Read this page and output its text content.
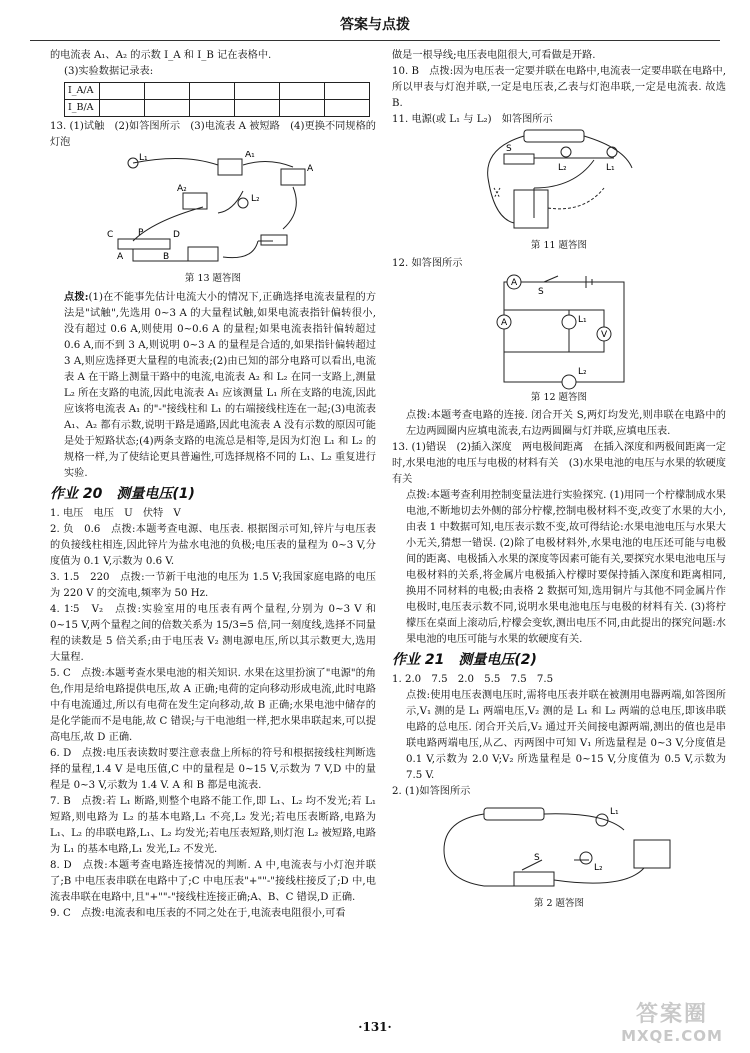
答案与点拨

的电流表 A₁、A₂ 的示数 I_A 和 I_B 记在表格中.

(3)实验数据记录表:

I_A/A						
I_B/A						

13. (1)试触　(2)如答图所示　(3)电流表 A 被短路　(4)更换不同规格的灯泡

L₁	A₁
A₂
A
L₂
C	P	D
A	B

第 13 题答图

点拨:(1)在不能事先估计电流大小的情况下,正确选择电流表量程的方法是"试触",先选用 0~3 A 的大量程试触,如果电流表指针偏转很小,没有超过 0.6 A,则使用 0~0.6 A 的量程;如果电流表指针偏转超过 0.6 A,而不到 3 A,则说明 0~3 A 的量程是合适的,如果指针偏转超过 3 A,则应选择更大量程的电流表;(2)由已知的部分电路可以看出,电流表 A 在干路上测量干路中的电流,电流表 A₂ 和 L₂ 在同一支路上,测量 L₂ 所在支路的电流,因此电流表 A₁ 应该测量 L₁ 所在支路的电流,因此应该将电流表 A₁ 的"-"接线柱和 L₁ 的右端接线柱连在一起;(3)电流表 A₁、A₂ 都有示数,说明干路是通路,因此电流表 A 没有示数的原因可能是处于短路状态;(4)两条支路的电流总是相等,是因为灯泡 L₁ 和 L₂ 的规格一样,为了使结论更具普遍性,可选择规格不同的 L₁、L₂ 重复进行实验.

作业 20　测量电压(1)

1. 电压　电压　U　伏特　V

2. 负　0.6　点拨:本题考查电源、电压表. 根据图示可知,锌片与电压表的负接线柱相连,因此锌片为盐水电池的负极;电压表的量程为 0~3 V,分度值为 0.1 V,示数为 0.6 V.

3. 1.5　220　点拨:一节新干电池的电压为 1.5 V;我国家庭电路的电压为 220 V 的交流电,频率为 50 Hz.

4. 1∶5　V₂　点拨:实验室用的电压表有两个量程,分别为 0~3 V 和 0~15 V,两个量程之间的倍数关系为 15/3=5 倍,同一刻度线,选择不同量程的读数是 5 倍关系;由于电压表 V₂ 测电源电压,所以其示数更大,选用大量程.

5. C　点拨:本题考查水果电池的相关知识. 水果在这里扮演了"电源"的角色,作用是给电路提供电压,故 A 正确;电荷的定向移动形成电流,此时电路中有电流通过,所以有电荷在发生定向移动,故 B 正确;水果电池中储存的是化学能而不是电能,故 C 错误;与干电池组一样,把水果串联起来,可以提高电压,故 D 正确.

6. D　点拨:电压表读数时要注意表盘上所标的符号和根据接线柱判断选择的量程,1.4 V 是电压值,C 中的量程是 0~15 V,示数为 7 V,D 中的量程是 0~3 V,示数为 1.4 V. A 和 B 都是电流表.

7. B　点拨:若 L₁ 断路,则整个电路不能工作,即 L₁、L₂ 均不发光;若 L₁ 短路,则电路为 L₂ 的基本电路,L₁ 不亮,L₂ 发光;若电压表断路,电路为 L₁、L₂ 的串联电路,L₁、L₂ 均发光;若电压表短路,则灯泡 L₂ 被短路,电路为 L₁ 的基本电路,L₁ 发光,L₂ 不发光.

8. D　点拨:本题考查电路连接情况的判断. A 中,电流表与小灯泡并联了;B 中电压表串联在电路中了;C 中电压表"+""-"接线柱接反了;D 中,电流表串联在电路中,且"+""-"接线柱连接正确;A、B、C 错误,D 正确.

9. C　点拨:电流表和电压表的不同之处在于,电流表电阻很小,可看

做是一根导线;电压表电阻很大,可看做是开路.

10. B　点拨:因为电压表一定要并联在电路中,电流表一定要串联在电路中,所以甲表与灯泡并联,一定是电压表,乙表与灯泡串联,一定是电流表. 故选 B.

11. 电源(或 L₁ 与 L₂)　如答图所示

S
L₂	L₁

第 11 题答图

12. 如答图所示

A
S
A	L₁
V
L₂

第 12 题答图

点拨:本题考查电路的连接. 闭合开关 S,两灯均发光,则串联在电路中的左边两圆圈内应填电流表,右边两圆圈与灯并联,应填电压表.

13. (1)错误　(2)插入深度　两电极间距离　在插入深度和两极间距离一定时,水果电池的电压与电极的材料有关　(3)水果电池的电压与水果的软硬度有关

点拨:本题考查利用控制变量法进行实验探究. (1)用同一个柠檬制成水果电池,不断地切去外侧的部分柠檬,控制电极材料不变,改变了水果的大小,由表 1 中数据可知,电压表示数不变,故可得结论:水果电池电压与水果大小无关,猜想一错误. (2)除了电极材料外,水果电池的电压还可能与电极间的距离、电极插入水果的深度等因素可能有关,要探究水果电池电压与电极材料的关系,将金属片电极插入柠檬时要保持插入深度和距离相同,换用不同材料的电极;由表格 2 数据可知,选用铜片与其他不同金属片作电极时,电压表示数不同,说明水果电池电压与电极的材料有关. (3)将柠檬压在桌面上滚动后,柠檬会变软,测出电压不同,由此提出的探究问题:水果电池的电压可能与水果的软硬度有关.

作业 21　测量电压(2)

1. 2.0　7.5　2.0　5.5　7.5　7.5

点拨:使用电压表测电压时,需将电压表并联在被测用电器两端,如答图所示,V₁ 测的是 L₁ 两端电压,V₂ 测的是 L₁ 和 L₂ 两端的总电压,即该串联电路的总电压. 闭合开关后,V₂ 通过开关间接电源两端,测出的值也是串联电路两端电压,从乙、丙两图中可知 V₁ 所选量程是 0~3 V,分度值是 0.1 V,示数为 2.0 V;V₂ 所选量程是 0~15 V,分度值为 0.5 V,示数为 7.5 V.

2. (1)如答图所示

L₁
S
L₂

第 2 题答图

·131·	答案圈
MXQE.COM
